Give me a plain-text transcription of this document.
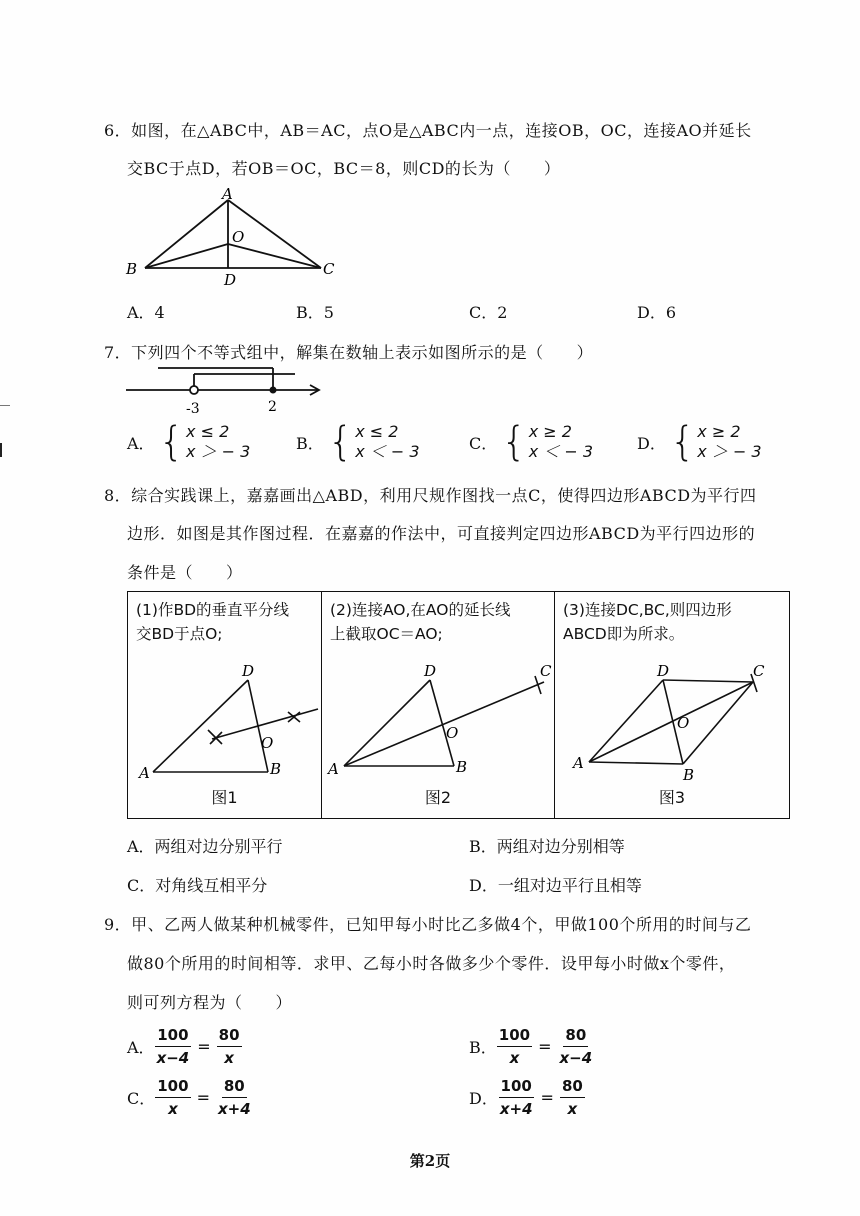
6．如图，在△ABC中，AB＝AC，点O是△ABC内一点，连接OB，OC，连接AO并延长
交BC于点D，若OB＝OC，BC＝8，则CD的长为（　　）
A
O
B
D
C
A．4	B．5	C．2	D．6
7．下列四个不等式组中，解集在数轴上表示如图所示的是（　　）
-3	2
A． { x ≤ 2
x ＞ − 3	B． { x ≤ 2
x ＜ − 3	C． { x ≥ 2
x ＜ − 3	D． { x ≥ 2
x ＞ − 3
8．综合实践课上，嘉嘉画出△ABD，利用尺规作图找一点C，使得四边形ABCD为平行四
边形．如图是其作图过程．在嘉嘉的作法中，可直接判定四边形ABCD为平行四边形的
条件是（　　）
(1)作BD的垂直平分线
交BD于点O;
D
O
A	B
图1
(2)连接AO,在AO的延长线
上截取OC＝AO;
D
O
A	B
C
图2
(3)连接DC,BC,则四边形
ABCD即为所求。
D
O
A
B
C
图3
A．两组对边分别平行	B．两组对边分别相等
C．对角线互相平分	D．一组对边平行且相等
9．甲、乙两人做某种机械零件，已知甲每小时比乙多做4个，甲做100个所用的时间与乙
做80个所用的时间相等．求甲、乙每小时各做多少个零件．设甲每小时做x个零件，
则可列方程为（　　）
A． $\frac{100}{x-4} = \frac{80}{x}$	B． $\frac{100}{x} = \frac{80}{x-4}$
C． $\frac{100}{x} = \frac{80}{x+4}$	D． $\frac{100}{x+4} = \frac{80}{x}$
第2页
